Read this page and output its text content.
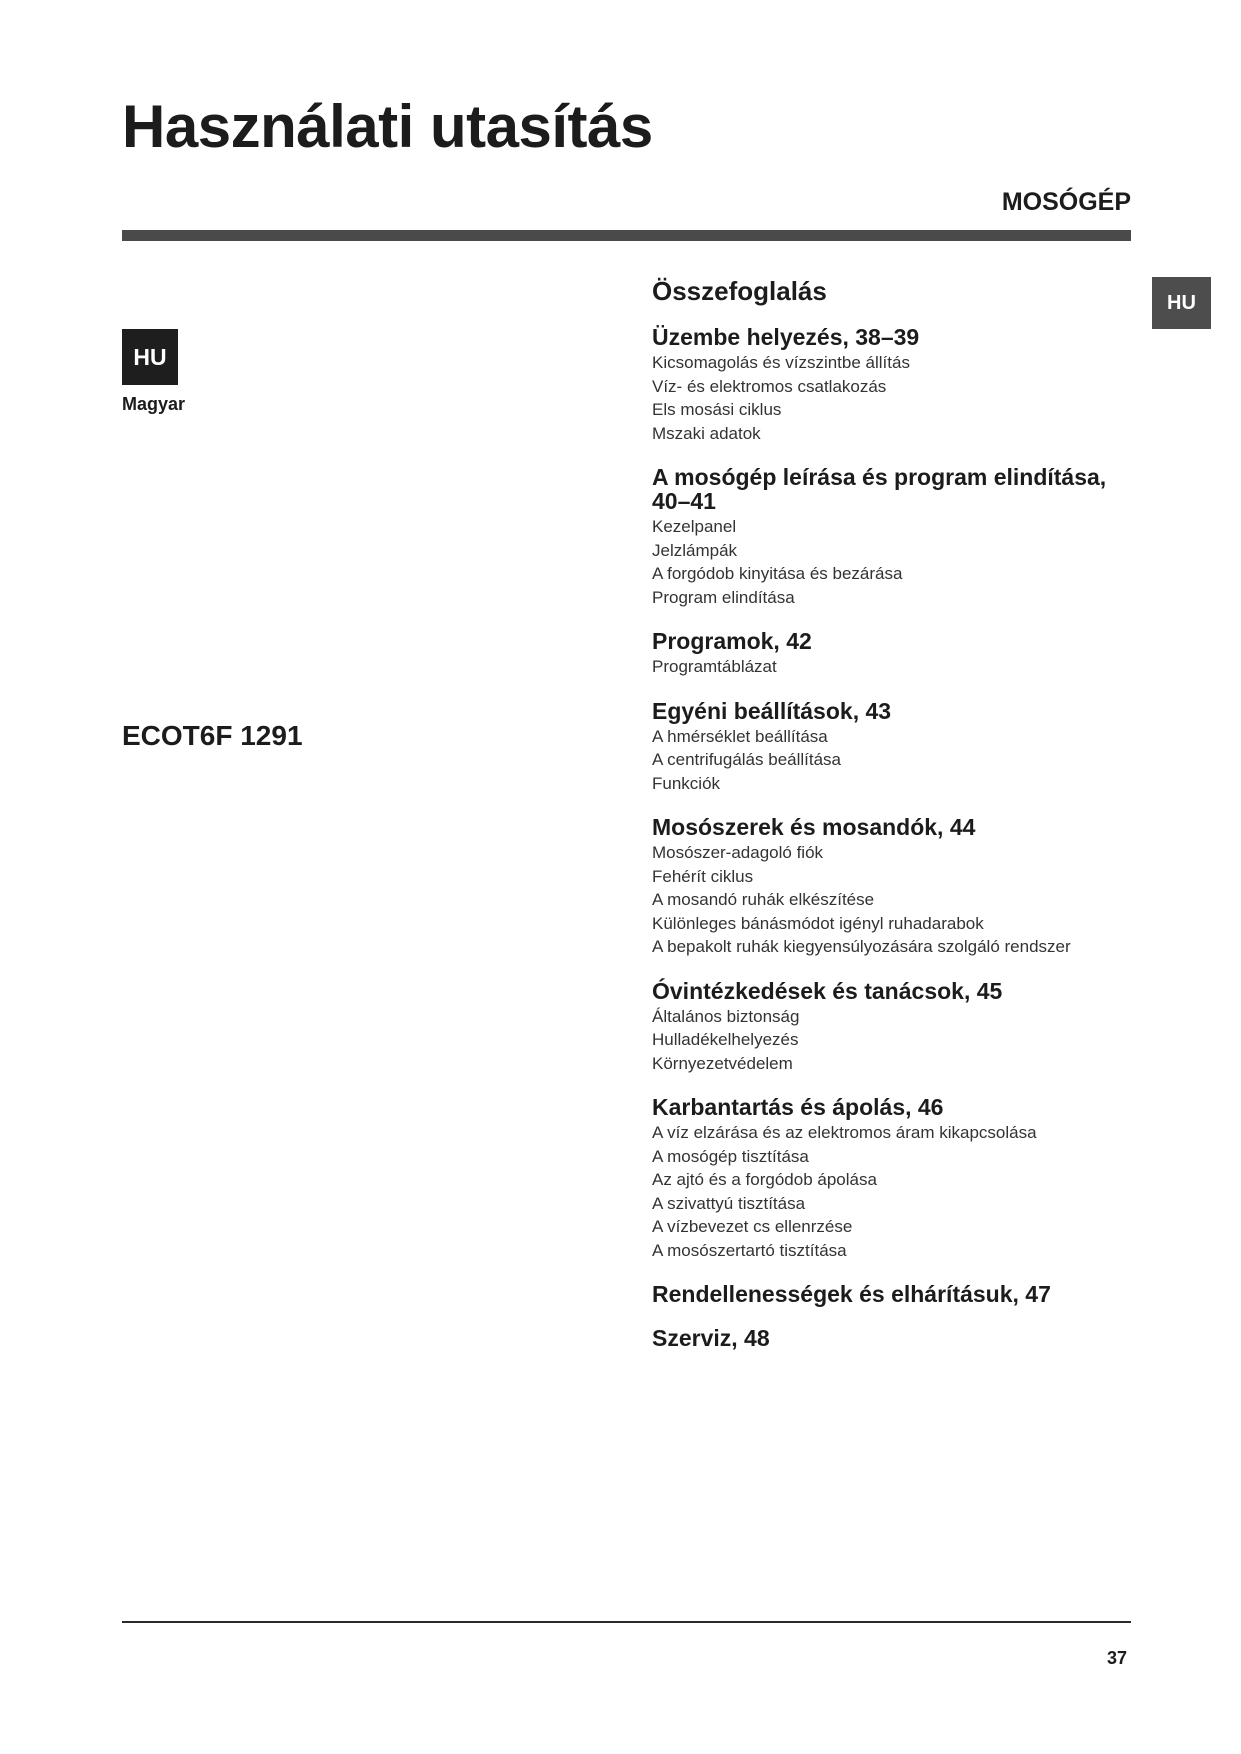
Használati utasítás
MOSÓGÉP
HU
HU
Magyar
ECOT6F 1291
Összefoglalás
Üzembe helyezés, 38–39
Kicsomagolás és vízszintbe állítás
Víz- és elektromos csatlakozás
Els mosási ciklus
Mszaki adatok
A mosógép leírása és program elindítása, 40–41
Kezelpanel
Jelzlámpák
A forgódob kinyitása és bezárása
Program elindítása
Programok, 42
Programtáblázat
Egyéni beállítások, 43
A hmérséklet beállítása
A centrifugálás beállítása
Funkciók
Mosószerek és mosandók, 44
Mosószer-adagoló fiók
Fehérít ciklus
A mosandó ruhák elkészítése
Különleges bánásmódot igényl ruhadarabok
A bepakolt ruhák kiegyensúlyozására szolgáló rendszer
Óvintézkedések és tanácsok, 45
Általános biztonság
Hulladékelhelyezés
Környezetvédelem
Karbantartás és ápolás, 46
A víz elzárása és az elektromos áram kikapcsolása
A mosógép tisztítása
Az ajtó és a forgódob ápolása
A szivattyú tisztítása
A vízbevezet cs ellenrzése
A mosószertartó tisztítása
Rendellenességek és elhárításuk, 47
Szerviz, 48
37
